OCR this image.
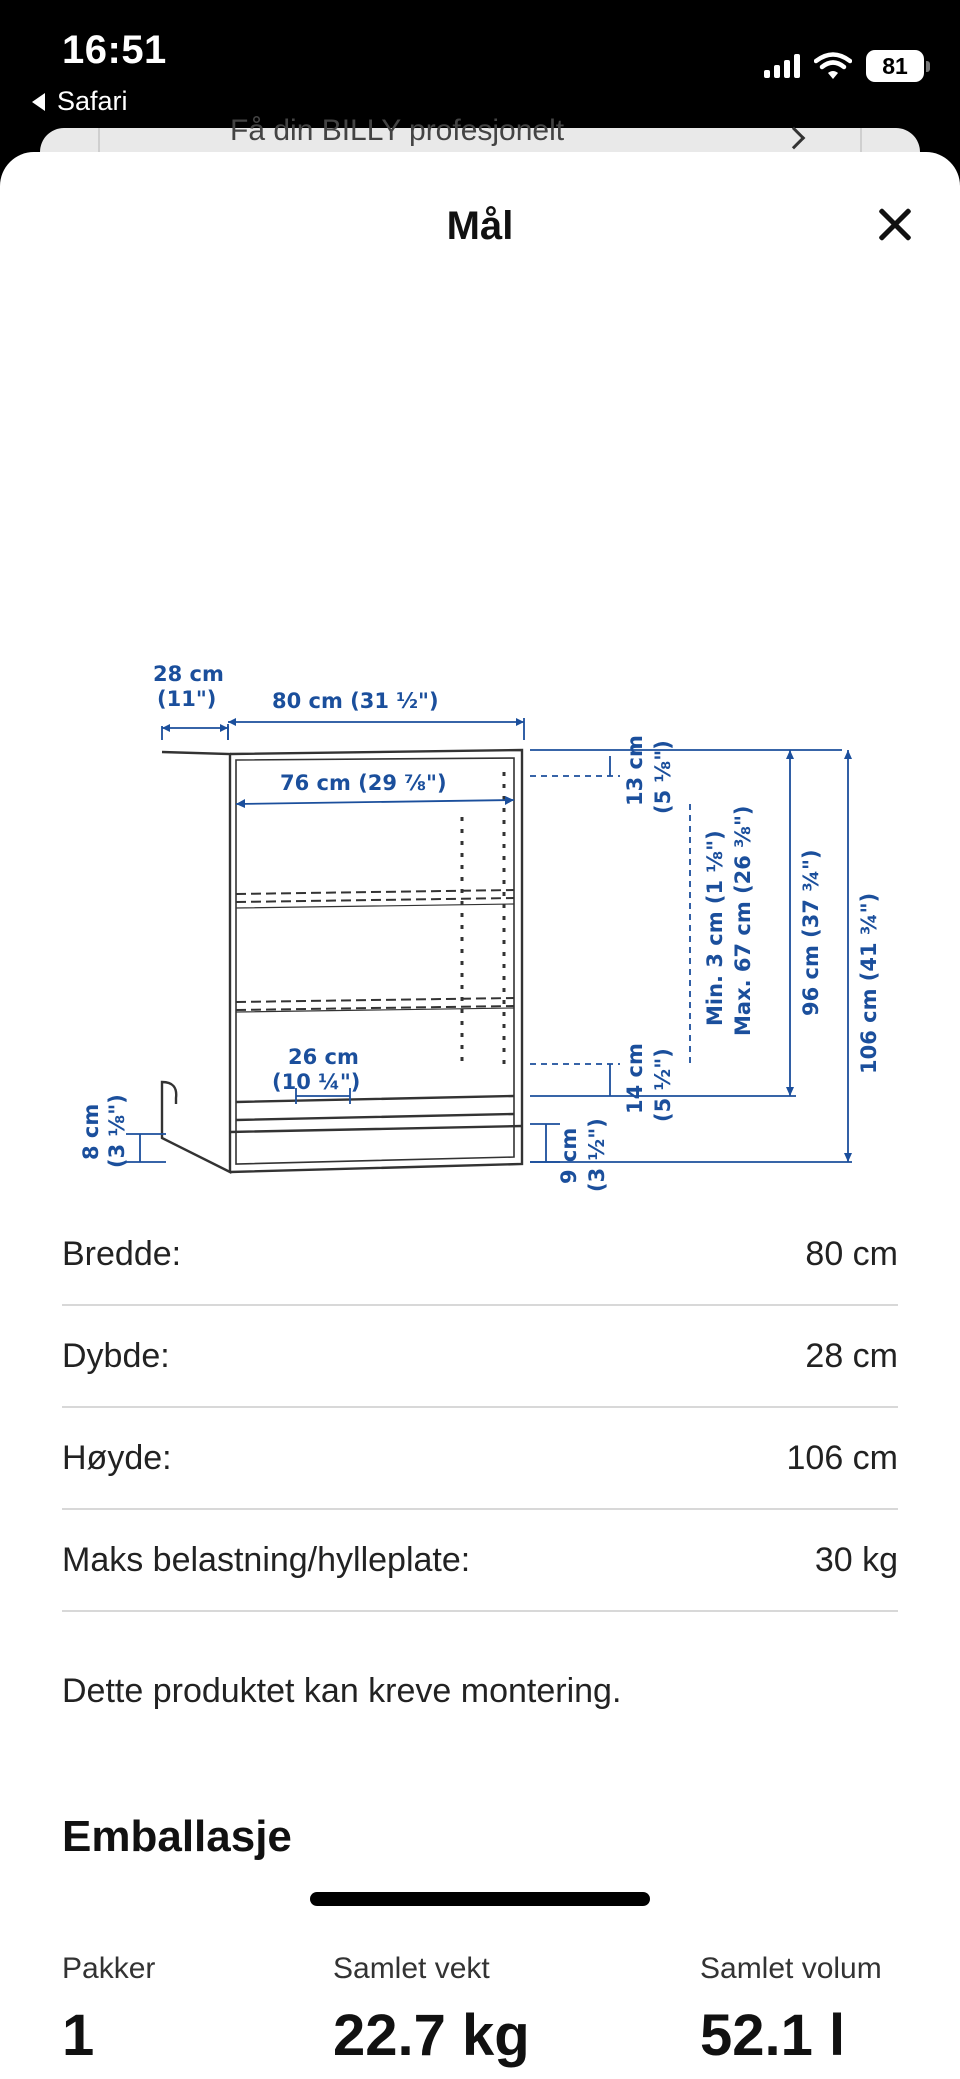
16:51
Safari
81
Få din BILLY profesjonelt
Mål
28 cm
(11")	80 cm (31 ½")
76 cm (29 ⅞")
26 cm
(10 ¼")
13 cm (5 ⅛")
Min. 3 cm (1 ⅛") Max. 67 cm (26 ⅜") 96 cm (37 ¾") 106 cm (41 ¾")
14 cm (5 ½")
9 cm (3 ½")
8 cm (3 ⅛")
Bredde:	80 cm
Dybde:	28 cm
Høyde:	106 cm
Maks belastning/hylleplate:	30 kg
Dette produktet kan kreve montering.
Emballasje
Pakker	Samlet vekt	Samlet volum
1	22.7 kg	52.1 l
